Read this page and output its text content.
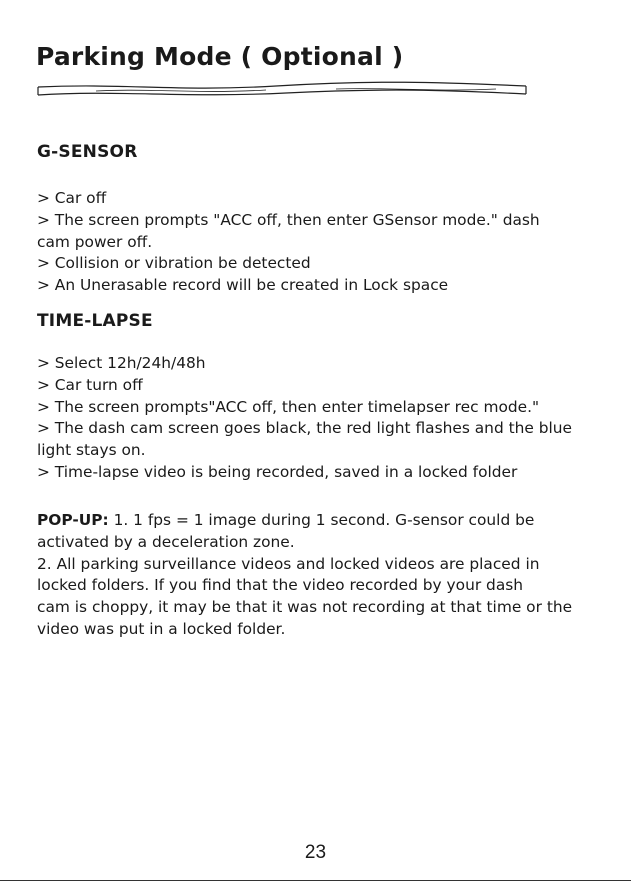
Parking Mode ( Optional )
G-SENSOR
> Car off
> The screen prompts "ACC off, then enter GSensor mode." dash
cam power off.
> Collision or vibration be detected
> An Unerasable record will be created in Lock space
TIME-LAPSE
> Select 12h/24h/48h
> Car turn off
> The screen prompts"ACC off, then enter timelapser rec mode."
> The dash cam screen goes black, the red light flashes and the blue
light stays on.
> Time-lapse video is being recorded, saved in a locked folder
POP-UP: 1. 1 fps = 1 image during 1 second. G-sensor could be
activated by a deceleration zone.
2. All parking surveillance videos and locked videos are placed in
locked folders. If you find that the video recorded by your dash
cam is choppy, it may be that it was not recording at that time or the
video was put in a locked folder.
23
